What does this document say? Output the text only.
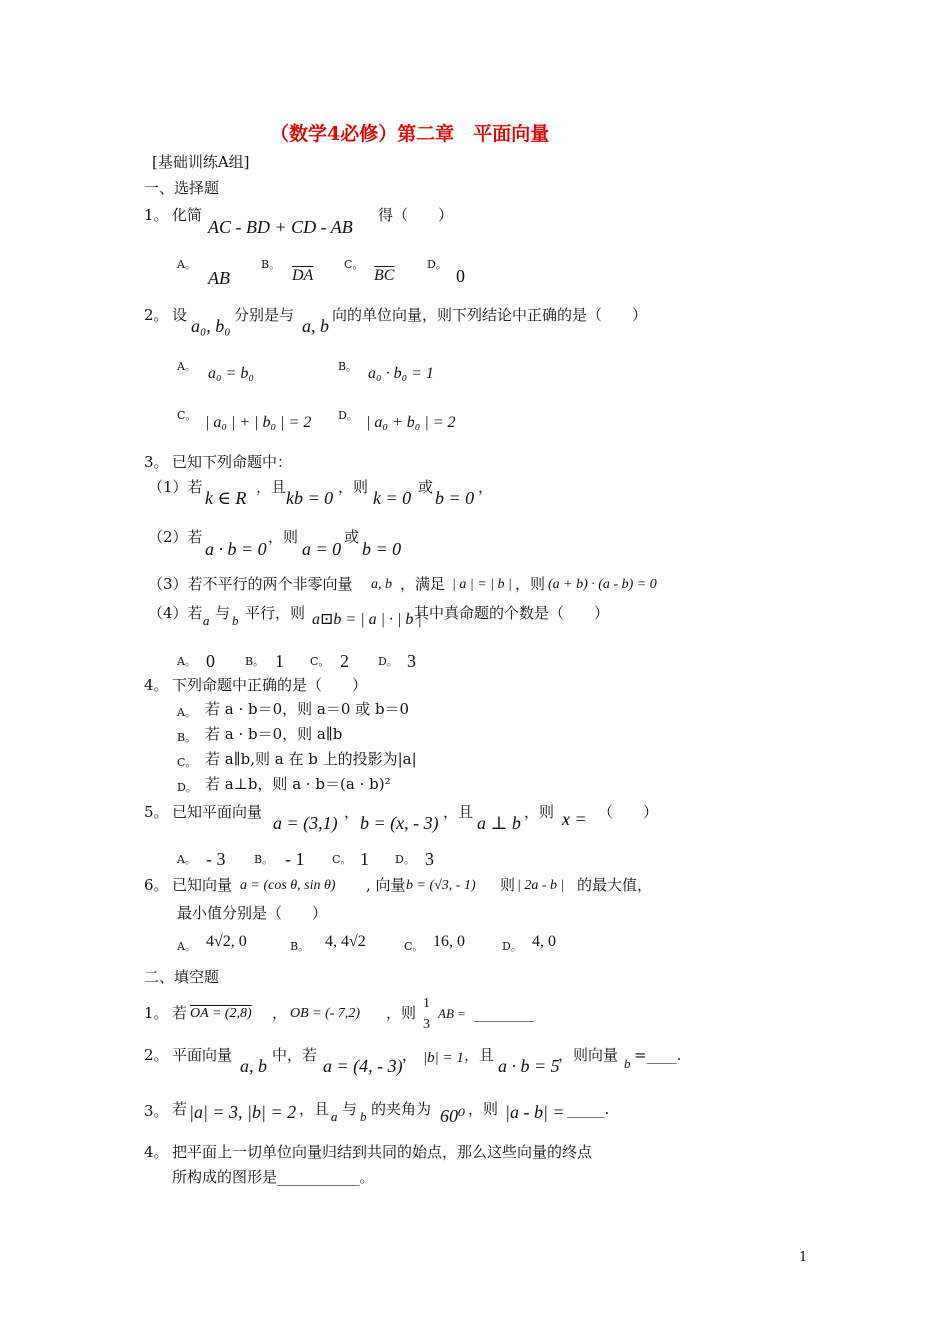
（数学4必修）第二章　平面向量
[基础训练A组]
一、选择题
1。 化简
AC - BD + CD - AB
得（　　）
A。
AB
B。
$\overline{DA}$
C。
$\overline{BC}$
D。
0
2。 设
a₀, b₀
分别是与
a, b
向的单位向量，则下列结论中正确的是（　　）
A。 a₀ = b₀	B。 a₀ · b₀ = 1
C。 | a₀ | + | b₀ | = 2 D。 | a₀ + b₀ | = 2
3。 已知下列命题中：
（1）若
k ∈ R
，且
kb = 0
，则
k = 0
或
b = 0
，
（2）若
a · b = 0
，则
a = 0
或
b = 0
（3）若不平行的两个非零向量 a, b ，满足 | a | = | b | ，则 (a + b) · (a - b) = 0
（4）若 a 与 b 平行，则 a⊡b = | a | · | b |
其中真命题的个数是（　　）
A。 0	B。 1 C。 2	D。 3
4。 下列命题中正确的是（　　）
A。 若 a · b＝0，则 a＝0 或 b＝0
B。 若 a · b＝0，则 a∥b
C。 若 a∥b,则 a 在 b 上的投影为|a|
D。 若 a⊥b，则 a · b＝(a · b)²
5。 已知平面向量
a = (3,1)
，
b = (x, - 3)
，且
a ⊥ b
，则 x = （　　）
A。 - 3	B。 - 1	C。 1 D。 3
6。 已知向量 a = (cos θ, sin θ) , 向量 b = (√3, - 1) 则 | 2a - b | 的最大值，
最小值分别是（　　）
A。 4√2, 0	B。 4, 4√2	C。 16, 0	D。 4, 0
二、填空题
1。 若 OA = (2,8) ， OB = (- 7,2) ，则
1
3
AB = ________
2。 平面向量
a, b
中，若
a = (4, - 3)
， |b| = 1 ，且
a · b = 5
，则向量 b =____.
3。 若 |a| = 3, |b| = 2 ，且 a 与 b 的夹角为 60⁰ ，则 |a - b| = _____.
4。 把平面上一切单位向量归结到共同的始点，那么这些向量的终点
所构成的图形是___________。
1
